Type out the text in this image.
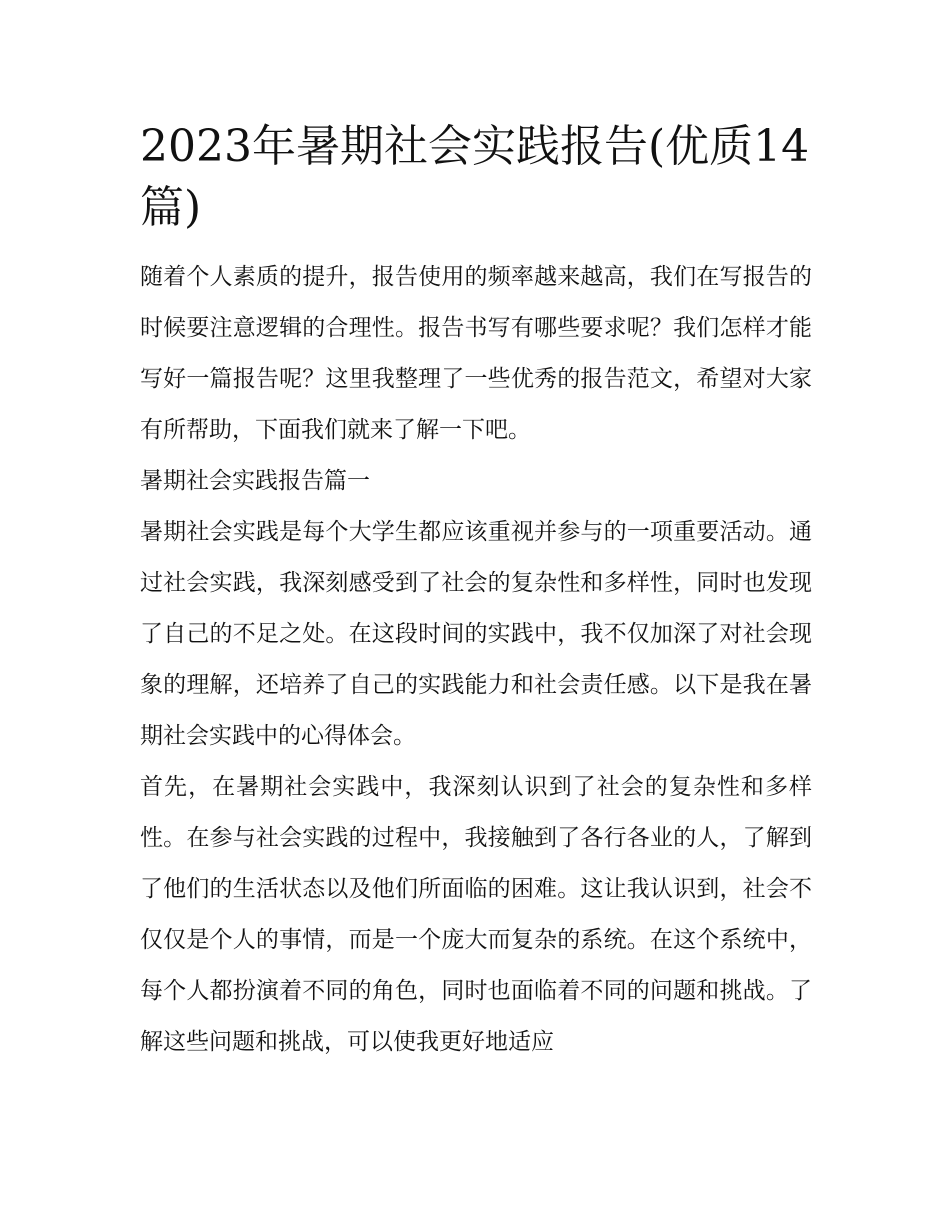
2023年暑期社会实践报告(优质14篇)

随着个人素质的提升，报告使用的频率越来越高，我们在写报告的时候要注意逻辑的合理性。报告书写有哪些要求呢？我们怎样才能写好一篇报告呢？这里我整理了一些优秀的报告范文，希望对大家有所帮助，下面我们就来了解一下吧。

暑期社会实践报告篇一

暑期社会实践是每个大学生都应该重视并参与的一项重要活动。通过社会实践，我深刻感受到了社会的复杂性和多样性，同时也发现了自己的不足之处。在这段时间的实践中，我不仅加深了对社会现象的理解，还培养了自己的实践能力和社会责任感。以下是我在暑期社会实践中的心得体会。

首先，在暑期社会实践中，我深刻认识到了社会的复杂性和多样性。在参与社会实践的过程中，我接触到了各行各业的人，了解到了他们的生活状态以及他们所面临的困难。这让我认识到，社会不仅仅是个人的事情，而是一个庞大而复杂的系统。在这个系统中，每个人都扮演着不同的角色，同时也面临着不同的问题和挑战。了解这些问题和挑战，可以使我更好地适应
